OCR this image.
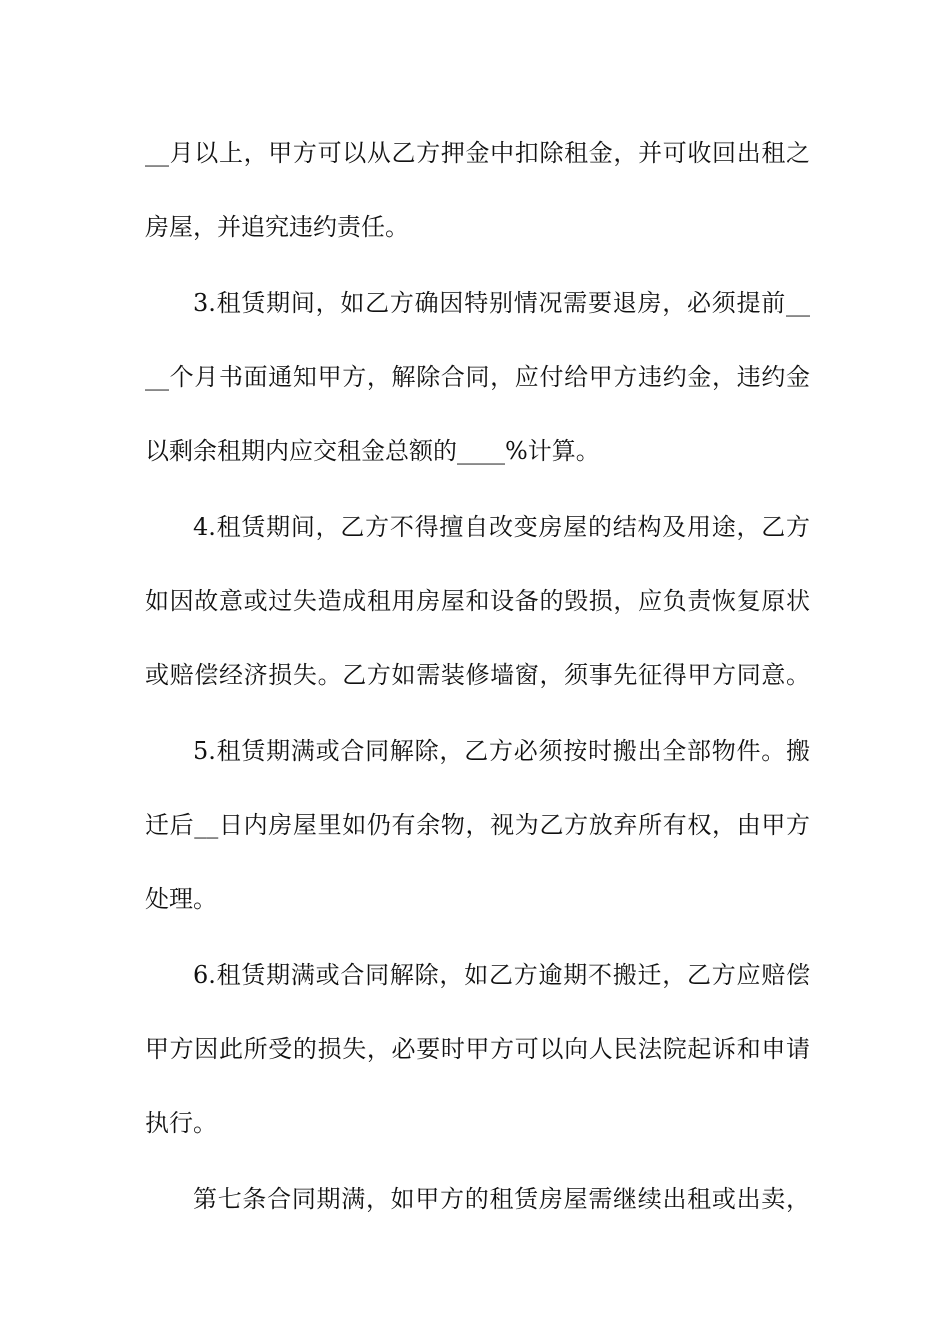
__月以上，甲方可以从乙方押金中扣除租金，并可收回出租之
房屋，并追究违约责任。
3.租赁期间，如乙方确因特别情况需要退房，必须提前__
__个月书面通知甲方，解除合同，应付给甲方违约金，违约金
以剩余租期内应交租金总额的____%计算。
4.租赁期间，乙方不得擅自改变房屋的结构及用途，乙方
如因故意或过失造成租用房屋和设备的毁损，应负责恢复原状
或赔偿经济损失。乙方如需装修墙窗，须事先征得甲方同意。
5.租赁期满或合同解除，乙方必须按时搬出全部物件。搬
迁后__日内房屋里如仍有余物，视为乙方放弃所有权，由甲方
处理。
6.租赁期满或合同解除，如乙方逾期不搬迁，乙方应赔偿
甲方因此所受的损失，必要时甲方可以向人民法院起诉和申请
执行。
第七条合同期满，如甲方的租赁房屋需继续出租或出卖，
